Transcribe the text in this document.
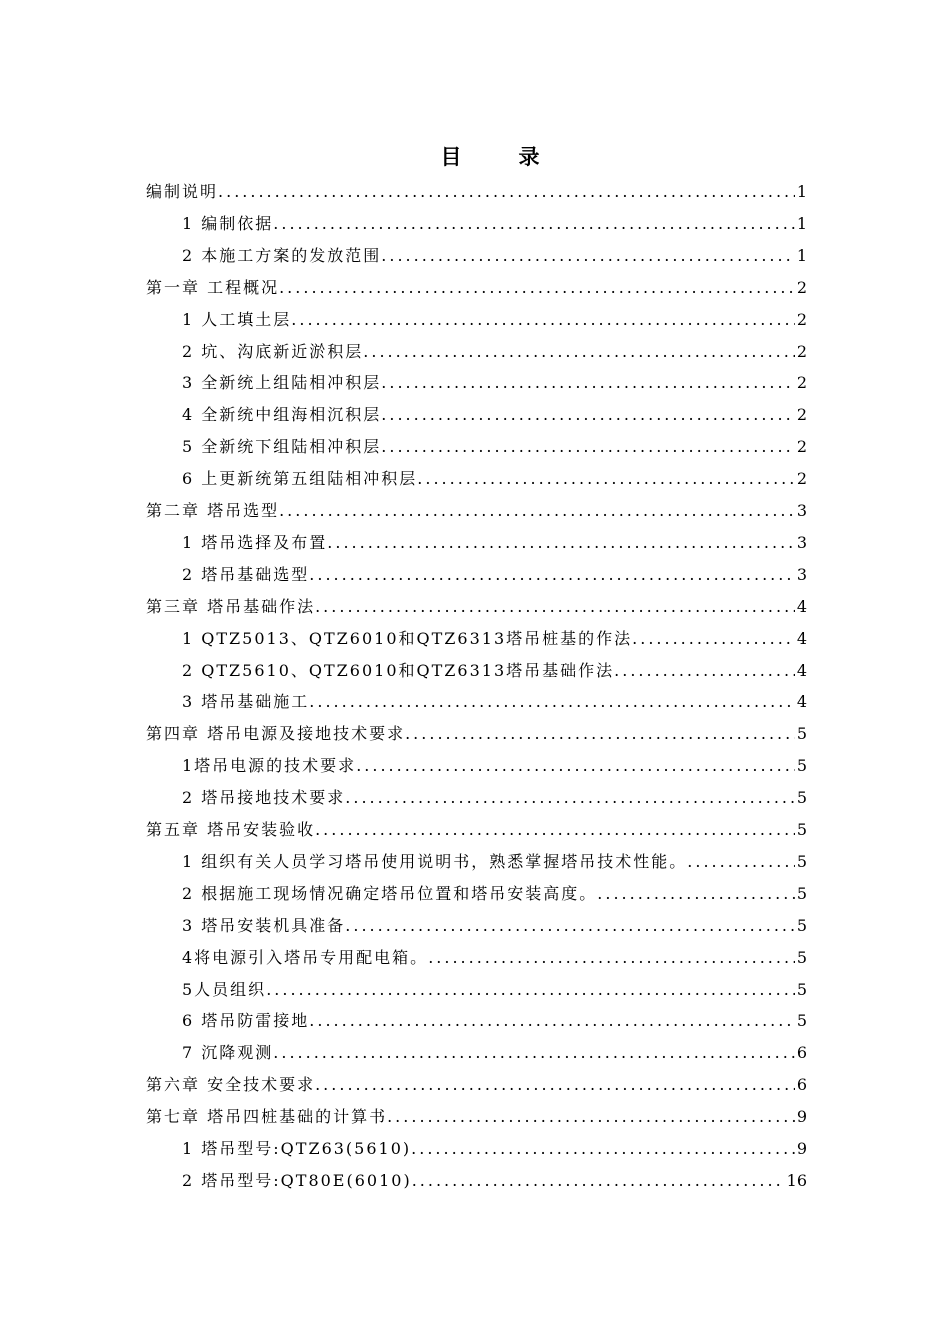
目　录
编制说明 .....	1
1 编制依据 .....	1
2 本施工方案的发放范围 .....	1
第一章 工程概况 .....	2
1 人工填土层 .....	2
2 坑、沟底新近淤积层 .....	2
3 全新统上组陆相冲积层 .....	2
4 全新统中组海相沉积层 .....	2
5 全新统下组陆相冲积层 .....	2
6 上更新统第五组陆相冲积层 .....	2
第二章 塔吊选型 .....	3
1 塔吊选择及布置 .....	3
2 塔吊基础选型 .....	3
第三章 塔吊基础作法 .....	4
1 QTZ5013、QTZ6010和QTZ6313塔吊桩基的作法 .....	4
2 QTZ5610、QTZ6010和QTZ6313塔吊基础作法 .....	4
3 塔吊基础施工 .....	4
第四章 塔吊电源及接地技术要求 .....	5
1塔吊电源的技术要求 .....	5
2 塔吊接地技术要求 .....	5
第五章 塔吊安装验收 .....	5
1 组织有关人员学习塔吊使用说明书，熟悉掌握塔吊技术性能。 .....	5
2 根据施工现场情况确定塔吊位置和塔吊安装高度。 .....	5
3 塔吊安装机具准备 .....	5
4将电源引入塔吊专用配电箱。 .....	5
5人员组织 .....	5
6 塔吊防雷接地 .....	5
7 沉降观测 .....	6
第六章 安全技术要求 .....	6
第七章 塔吊四桩基础的计算书 .....	9
1 塔吊型号:QTZ63(5610) .....	9
2 塔吊型号:QT80E(6010) .....	16
